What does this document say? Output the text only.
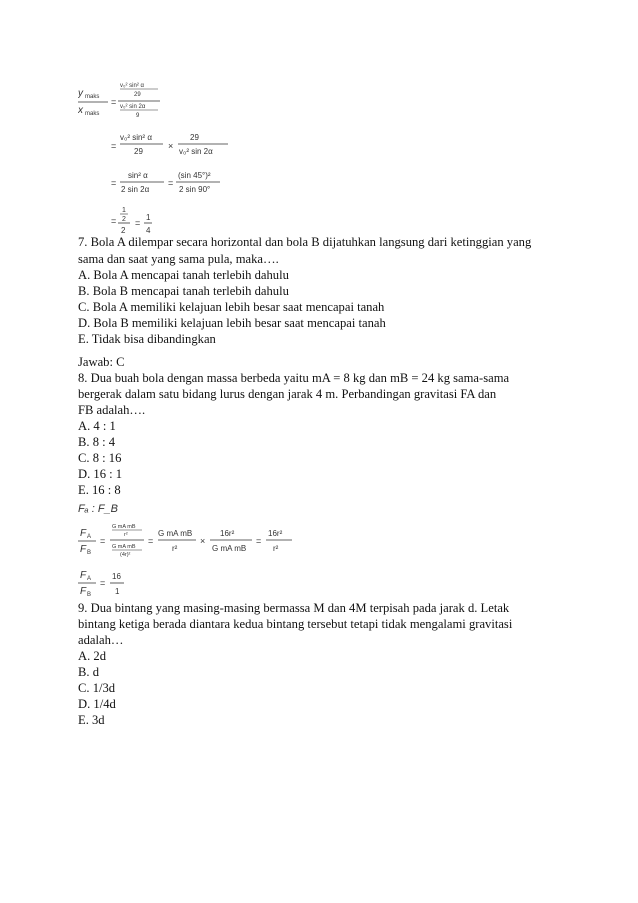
y maks
x maks
=
v₀² sin² α
29
v₀² sin 2α
9
=
v₀² sin² α
29
×
29
v₀² sin 2α
=
sin² α
2 sin 2α
=
(sin 45°)²
2 sin 90°
=
1
2
2
=
1
4
7. Bola A dilempar secara horizontal dan bola B dijatuhkan langsung dari ketinggian yang
sama dan saat yang sama pula, maka….
A. Bola A mencapai tanah terlebih dahulu
B. Bola B mencapai tanah terlebih dahulu
C. Bola A memiliki kelajuan lebih besar saat mencapai tanah
D. Bola B memiliki kelajuan lebih besar saat mencapai tanah
E. Tidak bisa dibandingkan
Jawab: C
8. Dua buah bola dengan massa berbeda yaitu mA = 8 kg dan mB = 24 kg sama-sama
bergerak dalam satu bidang lurus dengan jarak 4 m. Perbandingan gravitasi FA dan
FB adalah….
A. 4 : 1
B. 8 : 4
C. 8 : 16
D. 16 : 1
E. 16 : 8
Fₐ : F_B
F A
F B
=
G mA mB
r²
G mA mB
(4r)²
=
G mA mB
r²
×
16r²
G mA mB
=
16r²
r²
F A
F B
=
16
1
9. Dua bintang yang masing-masing bermassa M dan 4M terpisah pada jarak d. Letak
bintang ketiga berada diantara kedua bintang tersebut tetapi tidak mengalami gravitasi
adalah…
A. 2d
B. d
C. 1/3d
D. 1/4d
E. 3d
